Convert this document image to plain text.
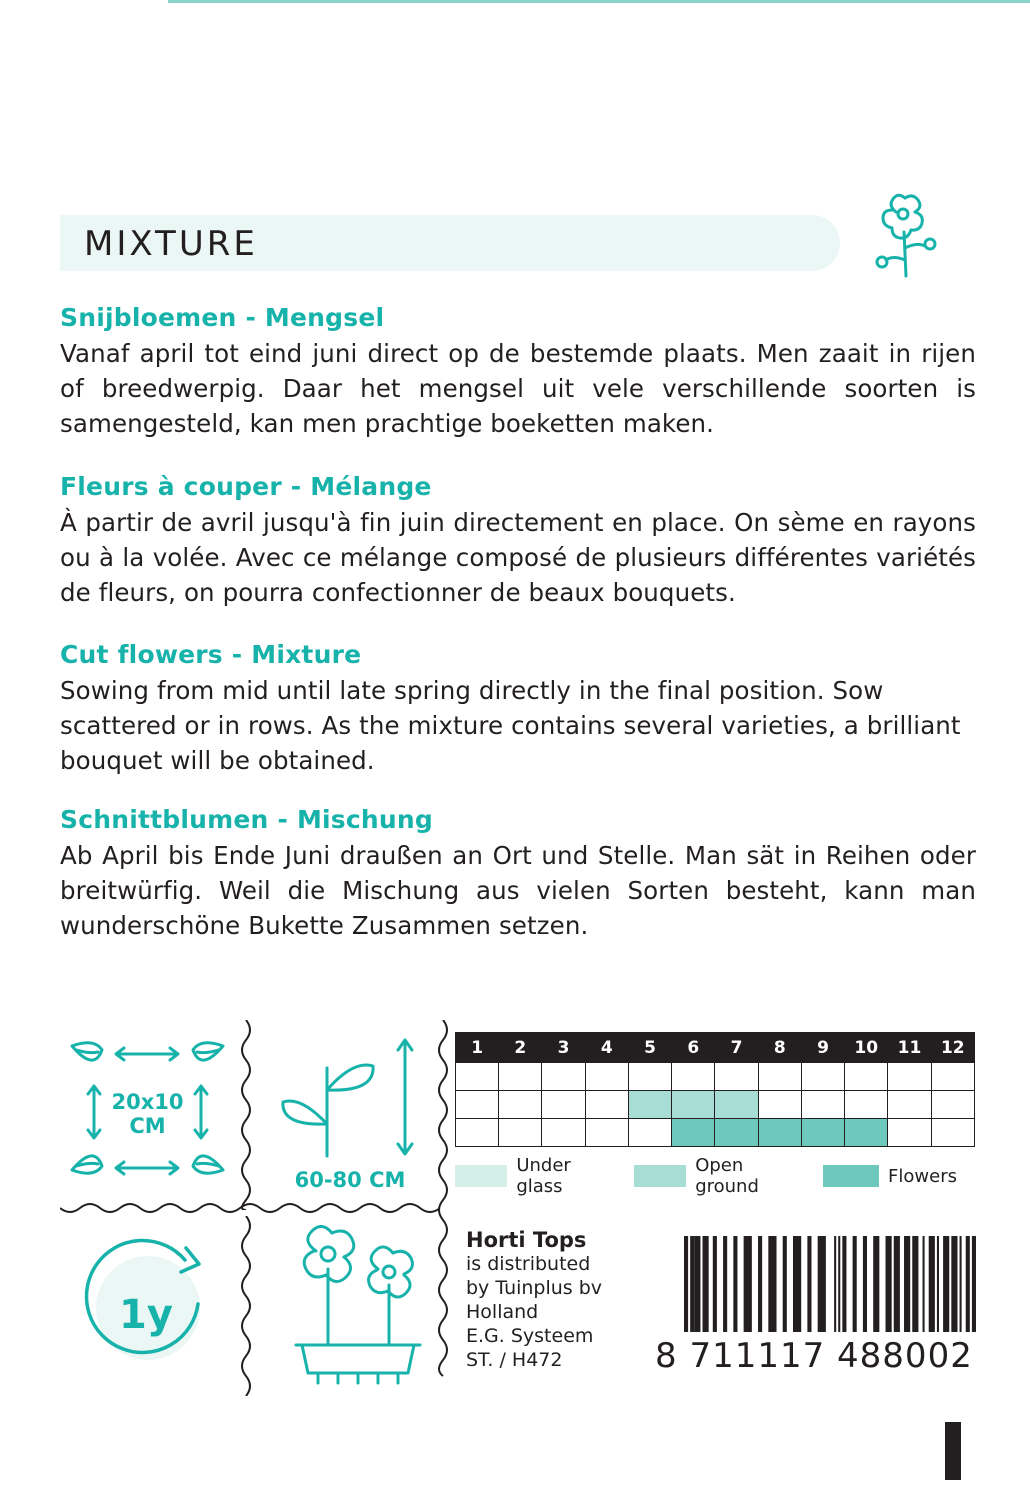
MIXTURE
Snijbloemen - Mengsel

Vanaf april tot eind juni direct op de bestemde plaats. Men zaait in rijen of breedwerpig. Daar het mengsel uit vele verschillende soorten is samengesteld, kan men prachtige boeketten maken.

Fleurs à couper - Mélange

À partir de avril jusqu'à fin juin directement en place. On sème en rayons ou à la volée. Avec ce mélange composé de plusieurs différentes variétés de fleurs, on pourra confectionner de beaux bouquets.

Cut flowers - Mixture

Sowing from mid until late spring directly in the final position. Sow scattered or in rows. As the mixture contains several varieties, a brilliant bouquet will be obtained.

Schnittblumen - Mischung

Ab April bis Ende Juni draußen an Ort und Stelle. Man sät in Reihen oder breitwürfig. Weil die Mischung aus vielen Sorten besteht, kann man wunderschöne Bukette Zusammen setzen.

20x10
CM
60-80 CM
1y
1	2	3	4	5	6	7	8	9	10	11	12

Under glass
Open ground	Flowers
Horti Tops
is distributed
by Tuinplus bv
Holland
E.G. Systeem
ST. / H472	8 711117 488002
